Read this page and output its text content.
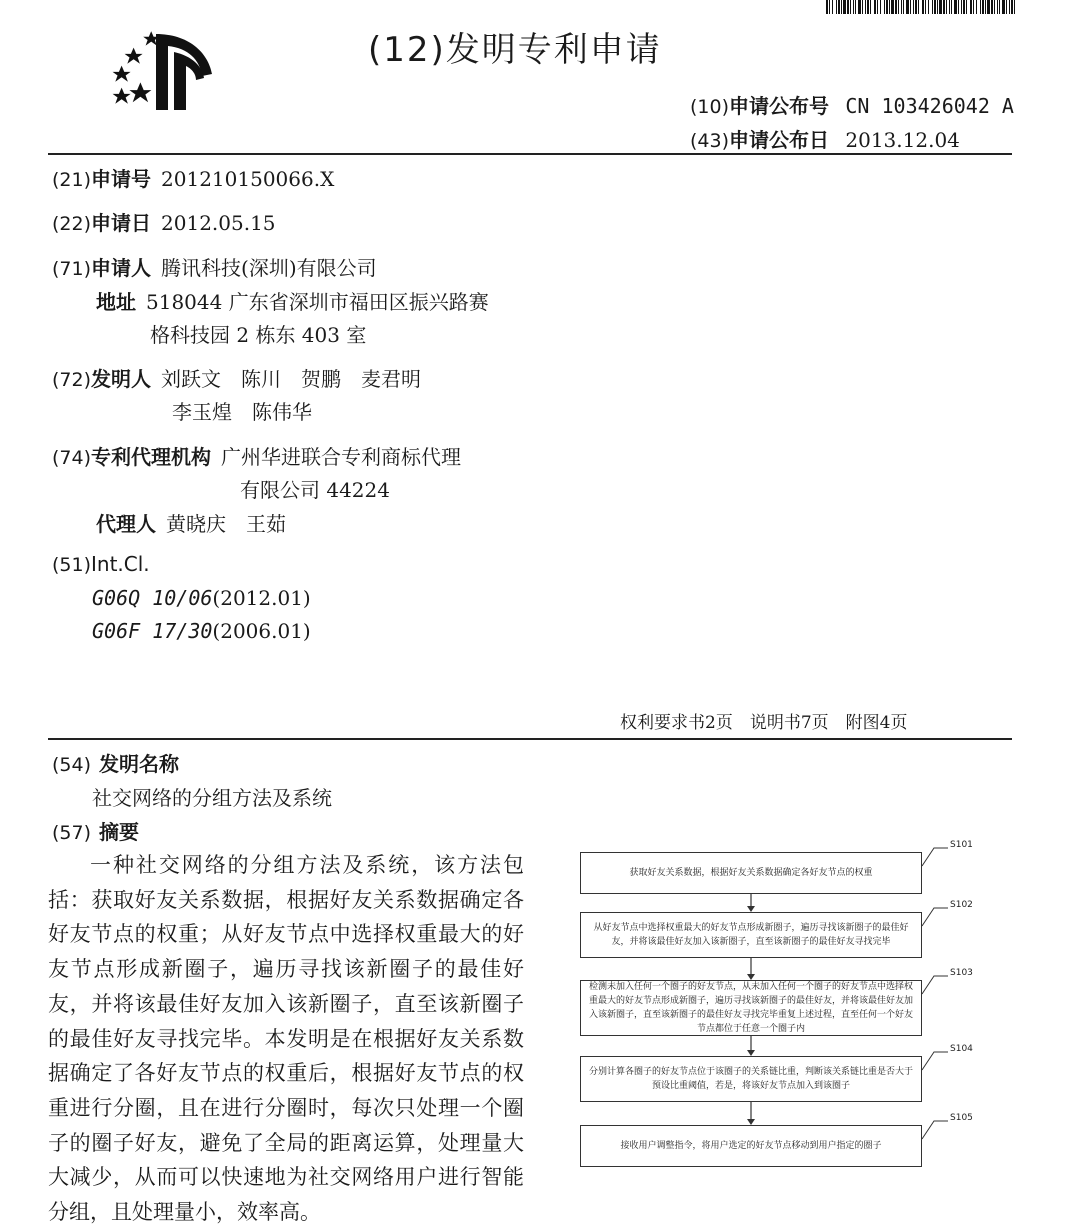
(12)发明专利申请
(10)申请公布号 CN 103426042 A
(43)申请公布日 2013.12.04
(21)申请号 201210150066.X
(22)申请日 2012.05.15
(71)申请人 腾讯科技(深圳)有限公司
地址 518044 广东省深圳市福田区振兴路赛
格科技园 2 栋东 403 室
(72)发明人 刘跃文　陈川　贺鹏　麦君明
李玉煌　陈伟华
(74)专利代理机构 广州华进联合专利商标代理
有限公司 44224
代理人 黄晓庆　王茹
(51)Int.Cl.
G06Q 10/06(2012.01)
G06F 17/30(2006.01)
权利要求书2页　说明书7页　附图4页
(54) 发明名称
社交网络的分组方法及系统
(57) 摘要
一种社交网络的分组方法及系统，该方法包括：获取好友关系数据，根据好友关系数据确定各好友节点的权重；从好友节点中选择权重最大的好友节点形成新圈子，遍历寻找该新圈子的最佳好友，并将该最佳好友加入该新圈子，直至该新圈子的最佳好友寻找完毕。本发明是在根据好友关系数据确定了各好友节点的权重后，根据好友节点的权重进行分圈，且在进行分圈时，每次只处理一个圈子的圈子好友，避免了全局的距离运算，处理量大大减少，从而可以快速地为社交网络用户进行智能分组，且处理量小，效率高。
获取好友关系数据，根据好友关系数据确定各好友节点的权重
S101
从好友节点中选择权重最大的好友节点形成新圈子，遍历寻找该新圈子的最佳好友，并将该最佳好友加入该新圈子，直至该新圈子的最佳好友寻找完毕
S102
检测未加入任何一个圈子的好友节点，从未加入任何一个圈子的好友节点中选择权重最大的好友节点形成新圈子，遍历寻找该新圈子的最佳好友，并将该最佳好友加入该新圈子，直至该新圈子的最佳好友寻找完毕重复上述过程，直至任何一个好友节点都位于任意一个圈子内
S103
分别计算各圈子的好友节点位于该圈子的关系链比重，判断该关系链比重是否大于预设比重阈值，若是，将该好友节点加入到该圈子
S104
接收用户调整指令，将用户选定的好友节点移动到用户指定的圈子
S105
